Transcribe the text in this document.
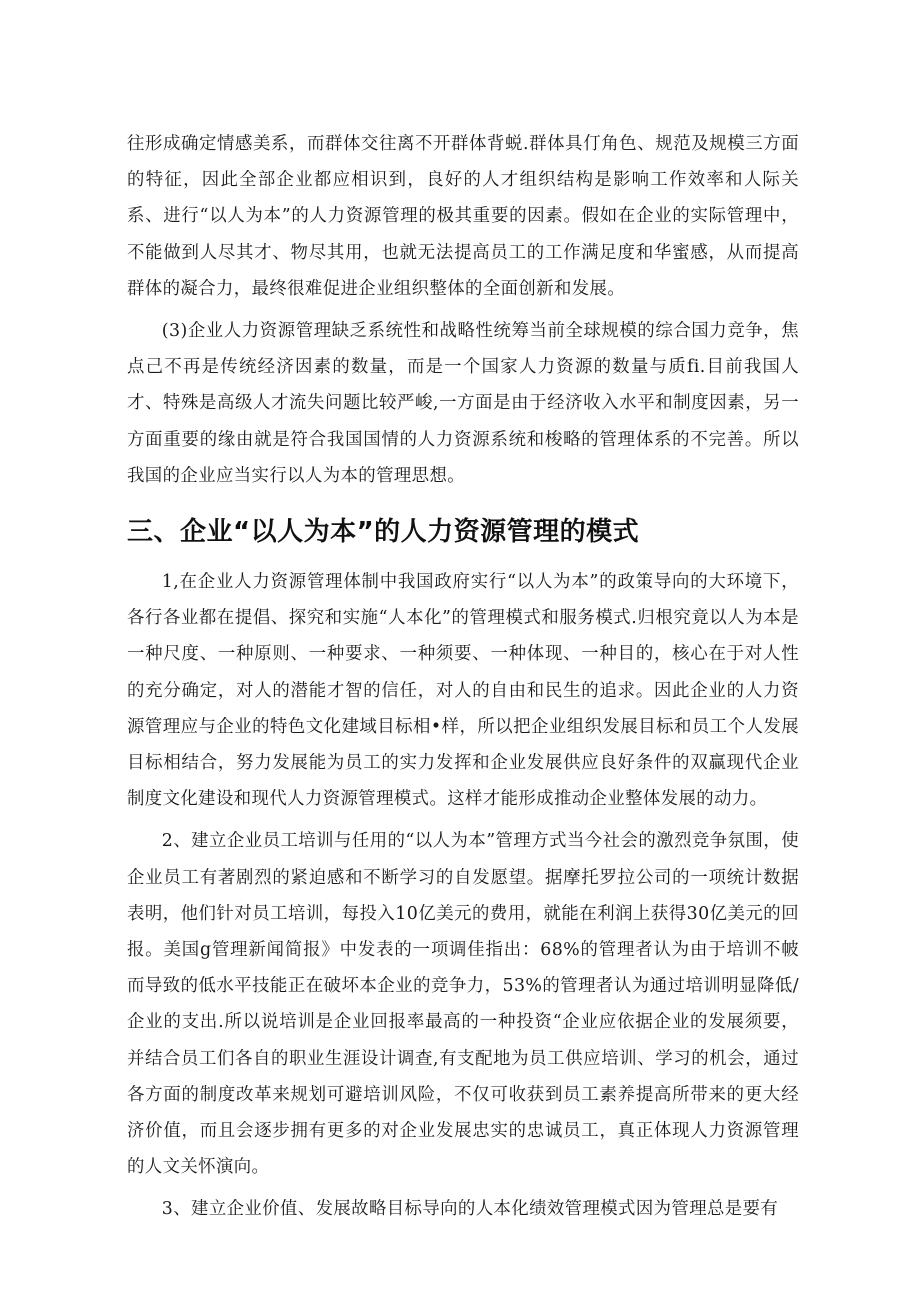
往形成确定情感美系，而群体交往离不开群体背蜕.群体具仃角色、规范及规模三方面的特征，因此全部企业都应相识到，良好的人才组织结构是影响工作效率和人际关系、进行“以人为本”的人力资源管理的极其重要的因素。假如在企业的实际管理中，不能做到人尽其才、物尽其用，也就无法提高员工的工作满足度和华蜜感，从而提高群体的凝合力，最终很难促进企业组织整体的全面创新和发展。

(3)企业人力资源管理缺乏系统性和战略性统筹当前全球规模的综合国力竞争，焦点己不再是传统经济因素的数量，而是一个国家人力资源的数量与质fi.目前我国人才、特殊是高级人才流失问题比较严峻,一方面是由于经济收入水平和制度因素，另一方面重要的缘由就是符合我国国情的人力资源系统和梭略的管理体系的不完善。所以我国的企业应当实行以人为本的管理思想。

三、企业“以人为本”的人力资源管理的模式

1,在企业人力资源管理体制中我国政府实行“以人为本”的政策导向的大环境下，各行各业都在提倡、探究和实施“人本化”的管理模式和服务模式.归根究竟以人为本是一种尺度、一种原则、一种要求、一种须要、一种体现、一种目的，核心在于对人性的充分确定，对人的潜能才智的信任，对人的自由和民生的追求。因此企业的人力资源管理应与企业的特色文化建域目标相•样，所以把企业组织发展目标和员工个人发展目标相结合，努力发展能为员工的实力发挥和企业发展供应良好条件的双赢现代企业制度文化建设和现代人力资源管理模式。这样才能形成推动企业整体发展的动力。

2、建立企业员工培训与任用的“以人为本”管理方式当今社会的激烈竞争氛围，使企业员工有著剧烈的紧迫感和不断学习的自发愿望。据摩托罗拉公司的一项统计数据表明，他们针对员工培训，每投入10亿美元的费用，就能在利润上获得30亿美元的回报。美国g管理新闻简报》中发表的一项调佳指出：68%的管理者认为由于培训不帔而导致的低水平技能正在破坏本企业的竞争力，53%的管理者认为通过培训明显降低/企业的支出.所以说培训是企业回报率最高的一种投资“企业应依据企业的发展须要，并结合员工们各自的职业生涯设计调查,有支配地为员工供应培训、学习的机会，通过各方面的制度改革来规划可避培训风险，不仅可收获到员工素养提高所带来的更大经济价值，而且会逐步拥有更多的对企业发展忠实的忠诚员工，真正体现人力资源管理的人文关怀演向。

3、建立企业价值、发展故略目标导向的人本化绩效管理模式因为管理总是要有
